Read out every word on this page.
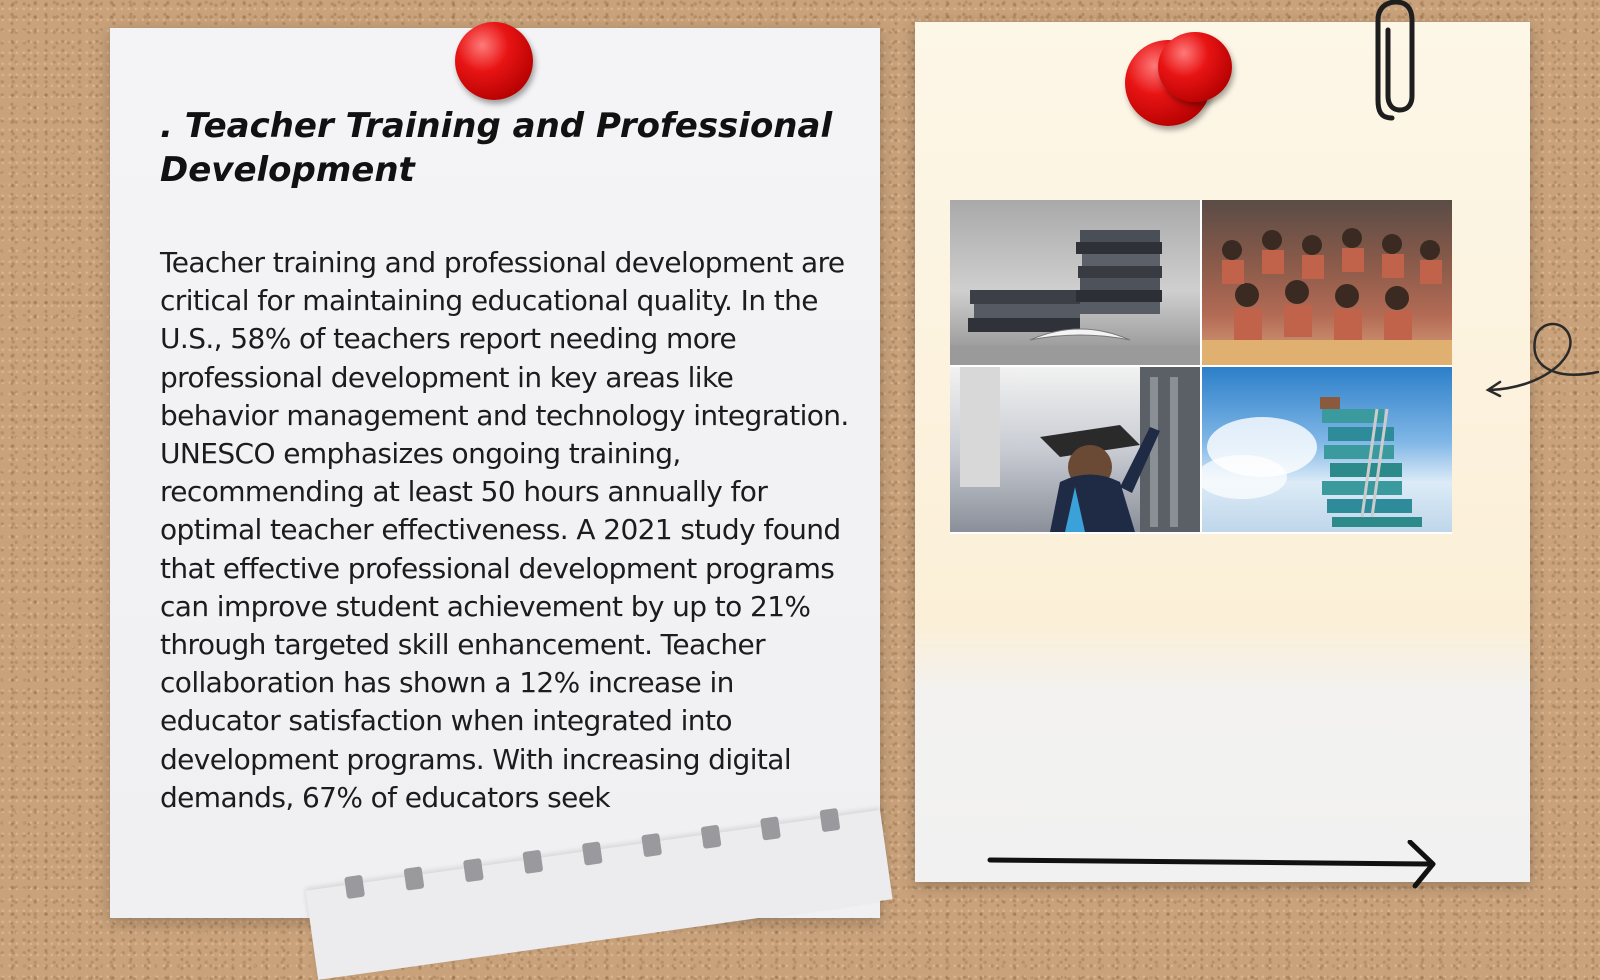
. Teacher Training and Professional Development

Teacher training and professional development are critical for maintaining educational quality. In the U.S., 58% of teachers report needing more professional development in key areas like behavior management and technology integration. UNESCO emphasizes ongoing training, recommending at least 50 hours annually for optimal teacher effectiveness. A 2021 study found that effective professional development programs can improve student achievement by up to 21% through targeted skill enhancement. Teacher collaboration has shown a 12% increase in educator satisfaction when integrated into development programs. With increasing digital demands, 67% of educators seek
